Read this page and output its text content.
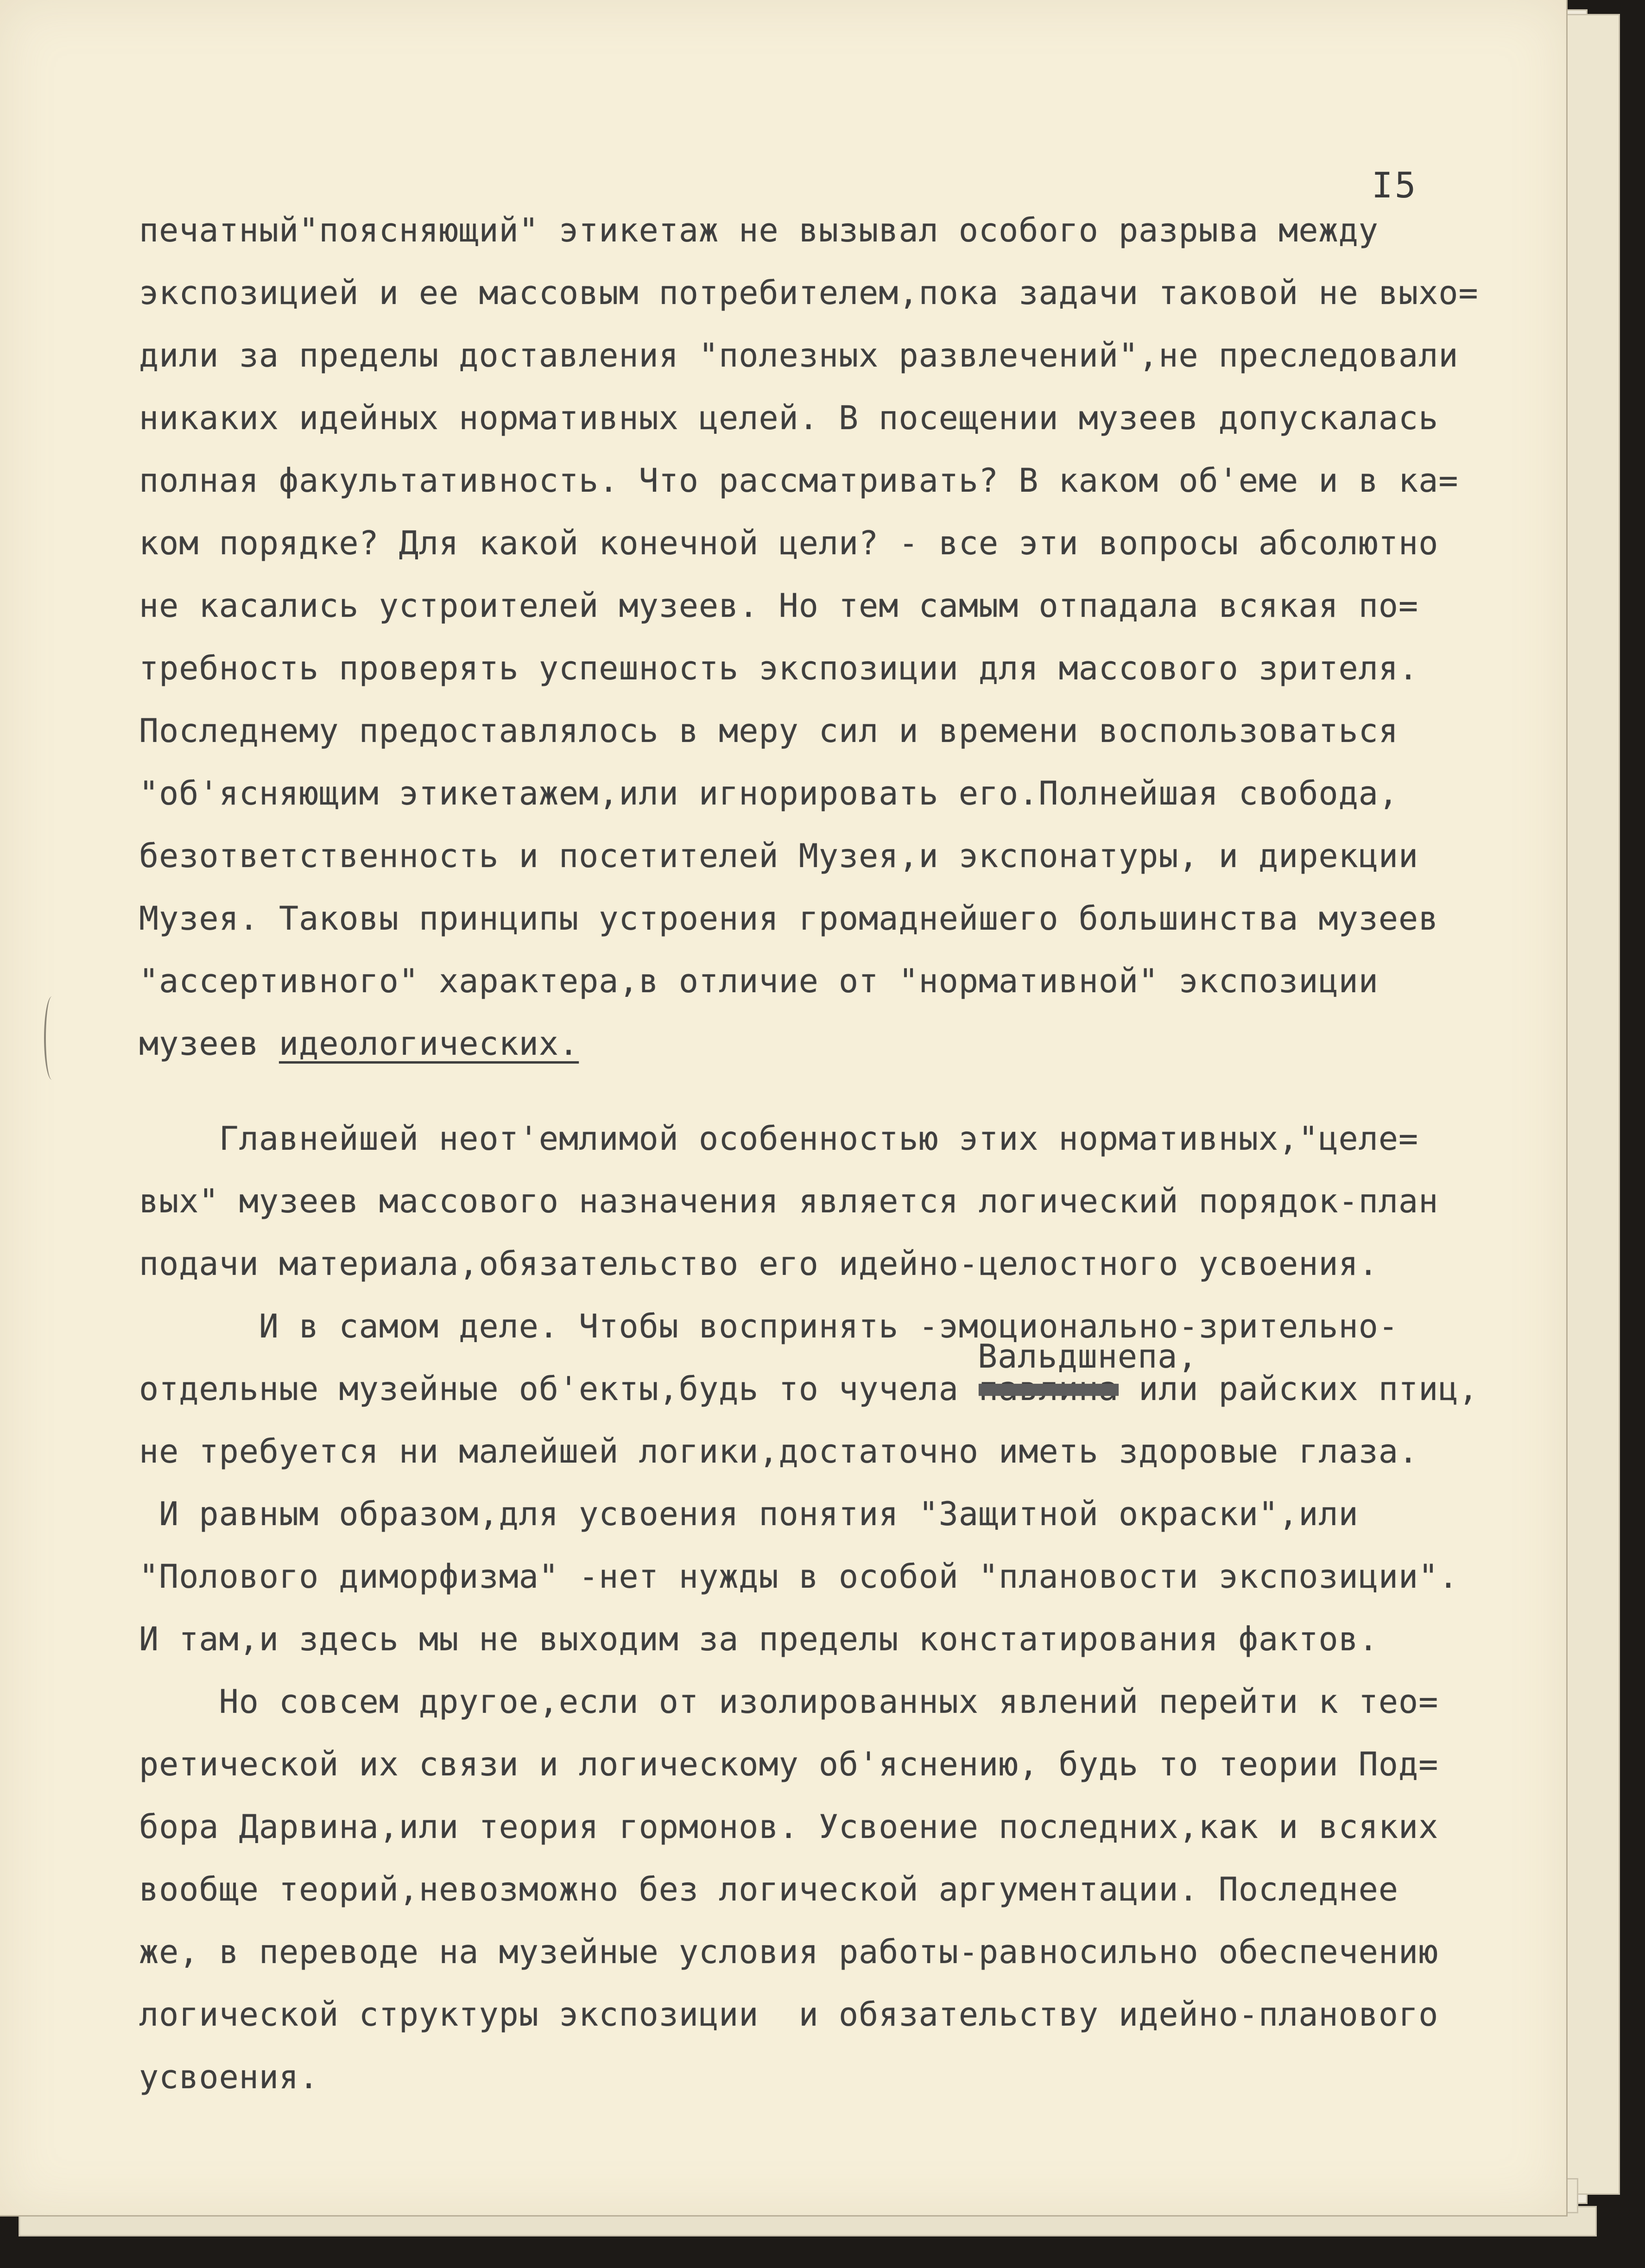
I5
печатный"поясняющий" этикетаж не вызывал особого разрыва между
экспозицией и ее массовым потребителем,пока задачи таковой не выхо=
дили за пределы доставления "полезных развлечений",не преследовали
никаких идейных нормативных целей. В посещении музеев допускалась
полная факультативность. Что рассматривать? В каком об'еме и в ка=
ком порядке? Для какой конечной цели? - все эти вопросы абсолютно
не касались устроителей музеев. Но тем самым отпадала всякая по=
требность проверять успешность экспозиции для массового зрителя.
Последнему предоставлялось в меру сил и времени воспользоваться
"об'ясняющим этикетажем,или игнорировать его.Полнейшая свобода,
безответственность и посетителей Музея,и экспонатуры, и дирекции
Музея. Таковы принципы устроения громаднейшего большинства музеев
"ассертивного" характера,в отличие от "нормативной" экспозиции
музеев идеологических.
Главнейшей неот'емлимой особенностью этих нормативных,"целе=
вых" музеев массового назначения является логический порядок-план
подачи материала,обязательство его идейно-целостного усвоения.
И в самом деле. Чтобы воспринять -эмоционально-зрительно-
Вальдшнепа,
отдельные музейные об'екты,будь то чучела павлина или райских птиц,
не требуется ни малейшей логики,достаточно иметь здоровые глаза.
И равным образом,для усвоения понятия "Защитной окраски",или
"Полового диморфизма" -нет нужды в особой "плановости экспозиции".
И там,и здесь мы не выходим за пределы констатирования фактов.
Но совсем другое,если от изолированных явлений перейти к тео=
ретической их связи и логическому об'яснению, будь то теории Под=
бора Дарвина,или теория гормонов. Усвоение последних,как и всяких
вообще теорий,невозможно без логической аргументации. Последнее
же, в переводе на музейные условия работы-равносильно обеспечению
логической структуры экспозиции  и обязательству идейно-планового
усвоения.
